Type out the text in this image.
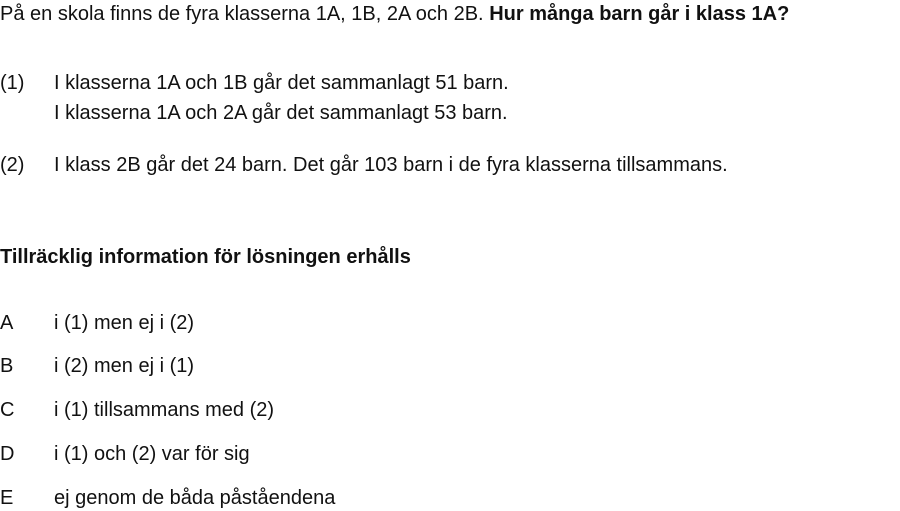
På en skola finns de fyra klasserna 1A, 1B, 2A och 2B. Hur många barn går i klass 1A?
(1) I klasserna 1A och 1B går det sammanlagt 51 barn.
I klasserna 1A och 2A går det sammanlagt 53 barn.
(2) I klass 2B går det 24 barn. Det går 103 barn i de fyra klasserna tillsammans.
Tillräcklig information för lösningen erhålls
A	i (1) men ej i (2)
B	i (2) men ej i (1)
C	i (1) tillsammans med (2)
D	i (1) och (2) var för sig
E	ej genom de båda påståendena
